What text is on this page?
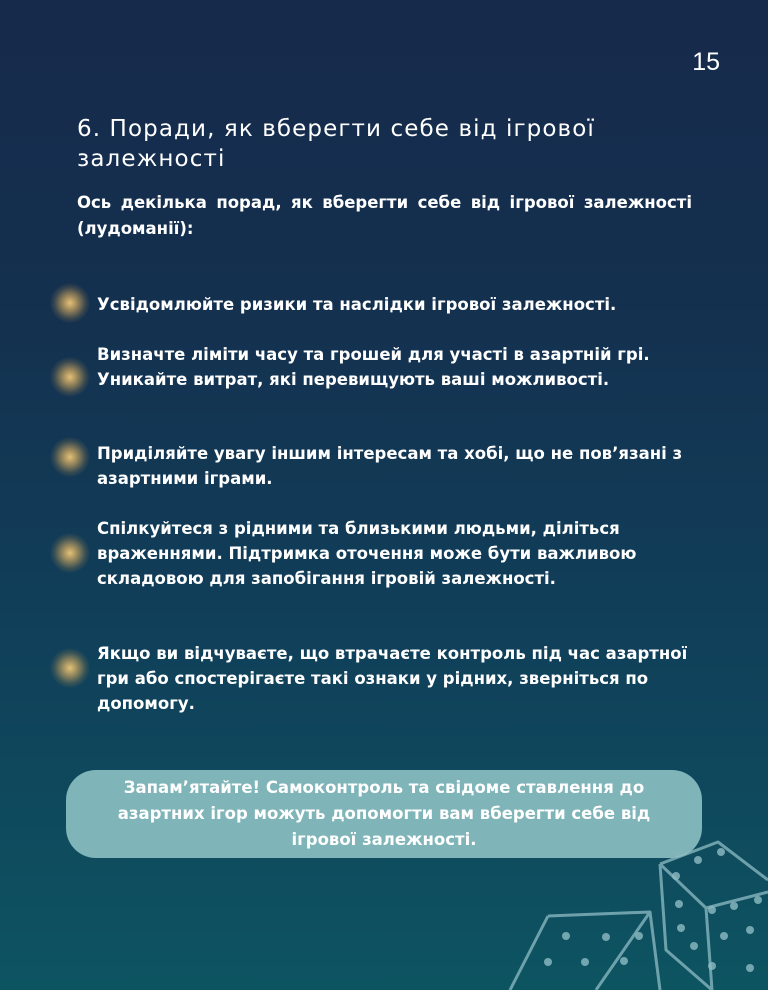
15
6. Поради, як вберегти себе від ігрової залежності
Ось декілька порад, як вберегти себе від ігрової залежності (лудоманії):
Усвідомлюйте ризики та наслідки ігрової залежності.
Визначте ліміти часу та грошей для участі в азартній грі. Уникайте витрат, які перевищують ваші можливості.
Приділяйте увагу іншим інтересам та хобі, що не пов’язані з азартними іграми.
Спілкуйтеся з рідними та близькими людьми, діліться враженнями. Підтримка оточення може бути важливою складовою для запобігання ігровій залежності.
Якщо ви відчуваєте, що втрачаєте контроль під час азартної гри або спостерігаєте такі ознаки у рідних, зверніться по допомогу.
Запам’ятайте! Самоконтроль та свідоме ставлення до азартних ігор можуть допомогти вам вберегти себе від ігрової залежності.
